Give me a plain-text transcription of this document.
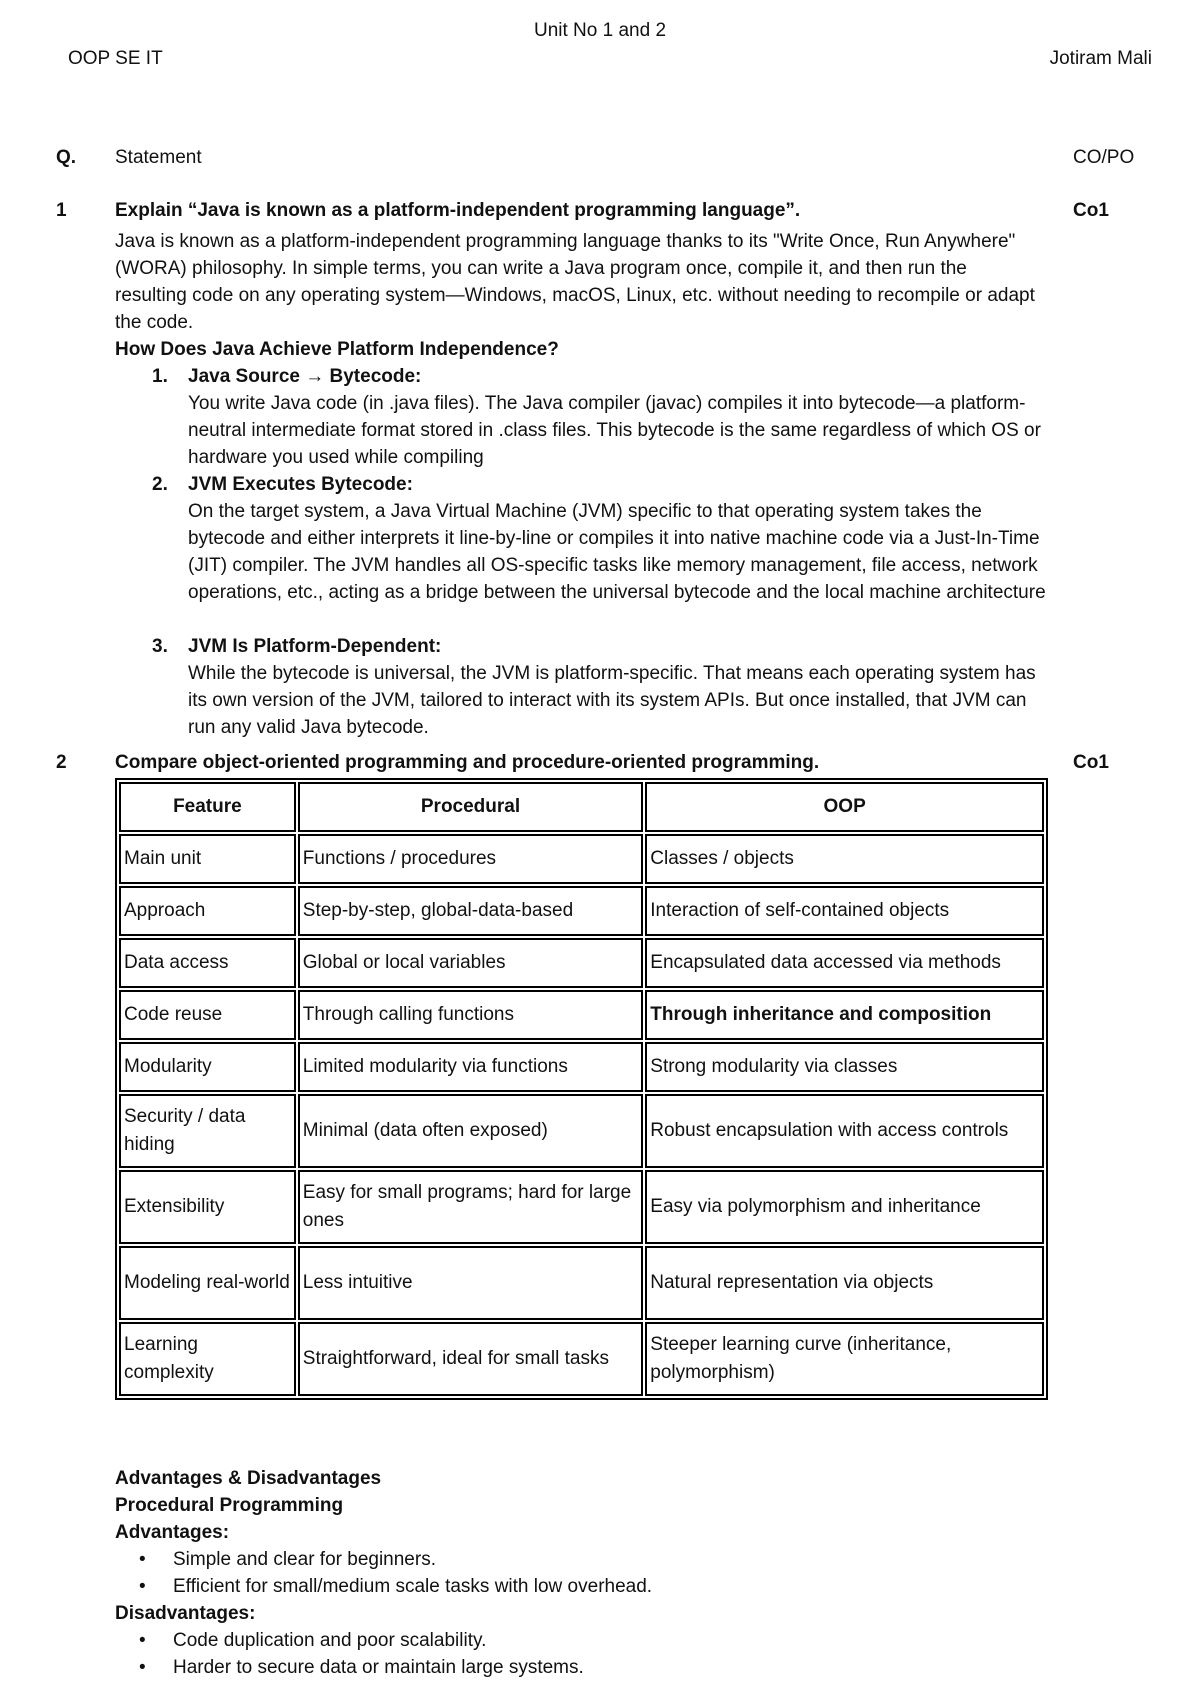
Unit No 1 and 2
OOP SE IT	Jotiram Mali
Q. Statement	CO/PO
1	Explain “Java is known as a platform-independent programming language”.	Co1
Java is known as a platform-independent programming language thanks to its "Write Once, Run Anywhere" (WORA) philosophy. In simple terms, you can write a Java program once, compile it, and then run the resulting code on any operating system—Windows, macOS, Linux, etc. without needing to recompile or adapt the code.
How Does Java Achieve Platform Independence?
1. Java Source → Bytecode:
You write Java code (in .java files). The Java compiler (javac) compiles it into bytecode—a platform-neutral intermediate format stored in .class files. This bytecode is the same regardless of which OS or hardware you used while compiling
2. JVM Executes Bytecode:
On the target system, a Java Virtual Machine (JVM) specific to that operating system takes the bytecode and either interprets it line-by-line or compiles it into native machine code via a Just-In-Time (JIT) compiler. The JVM handles all OS-specific tasks like memory management, file access, network operations, etc., acting as a bridge between the universal bytecode and the local machine architecture
3. JVM Is Platform-Dependent:
While the bytecode is universal, the JVM is platform-specific. That means each operating system has its own version of the JVM, tailored to interact with its system APIs. But once installed, that JVM can run any valid Java bytecode.
2	Compare object-oriented programming and procedure-oriented programming.	Co1
Feature	Procedural	OOP
Main unit	Functions / procedures	Classes / objects
Approach	Step-by-step, global-data-based	Interaction of self-contained objects
Data access	Global or local variables	Encapsulated data accessed via methods
Code reuse	Through calling functions	Through inheritance and composition
Modularity	Limited modularity via functions	Strong modularity via classes
Security / data hiding	Minimal (data often exposed)	Robust encapsulation with access controls
Extensibility	Easy for small programs; hard for large ones	Easy via polymorphism and inheritance
Modeling real-world	Less intuitive	Natural representation via objects
Learning complexity	Straightforward, ideal for small tasks	Steeper learning curve (inheritance, polymorphism)
Advantages & Disadvantages
Procedural Programming
Advantages:
• Simple and clear for beginners.
• Efficient for small/medium scale tasks with low overhead.
Disadvantages:
• Code duplication and poor scalability.
• Harder to secure data or maintain large systems.
